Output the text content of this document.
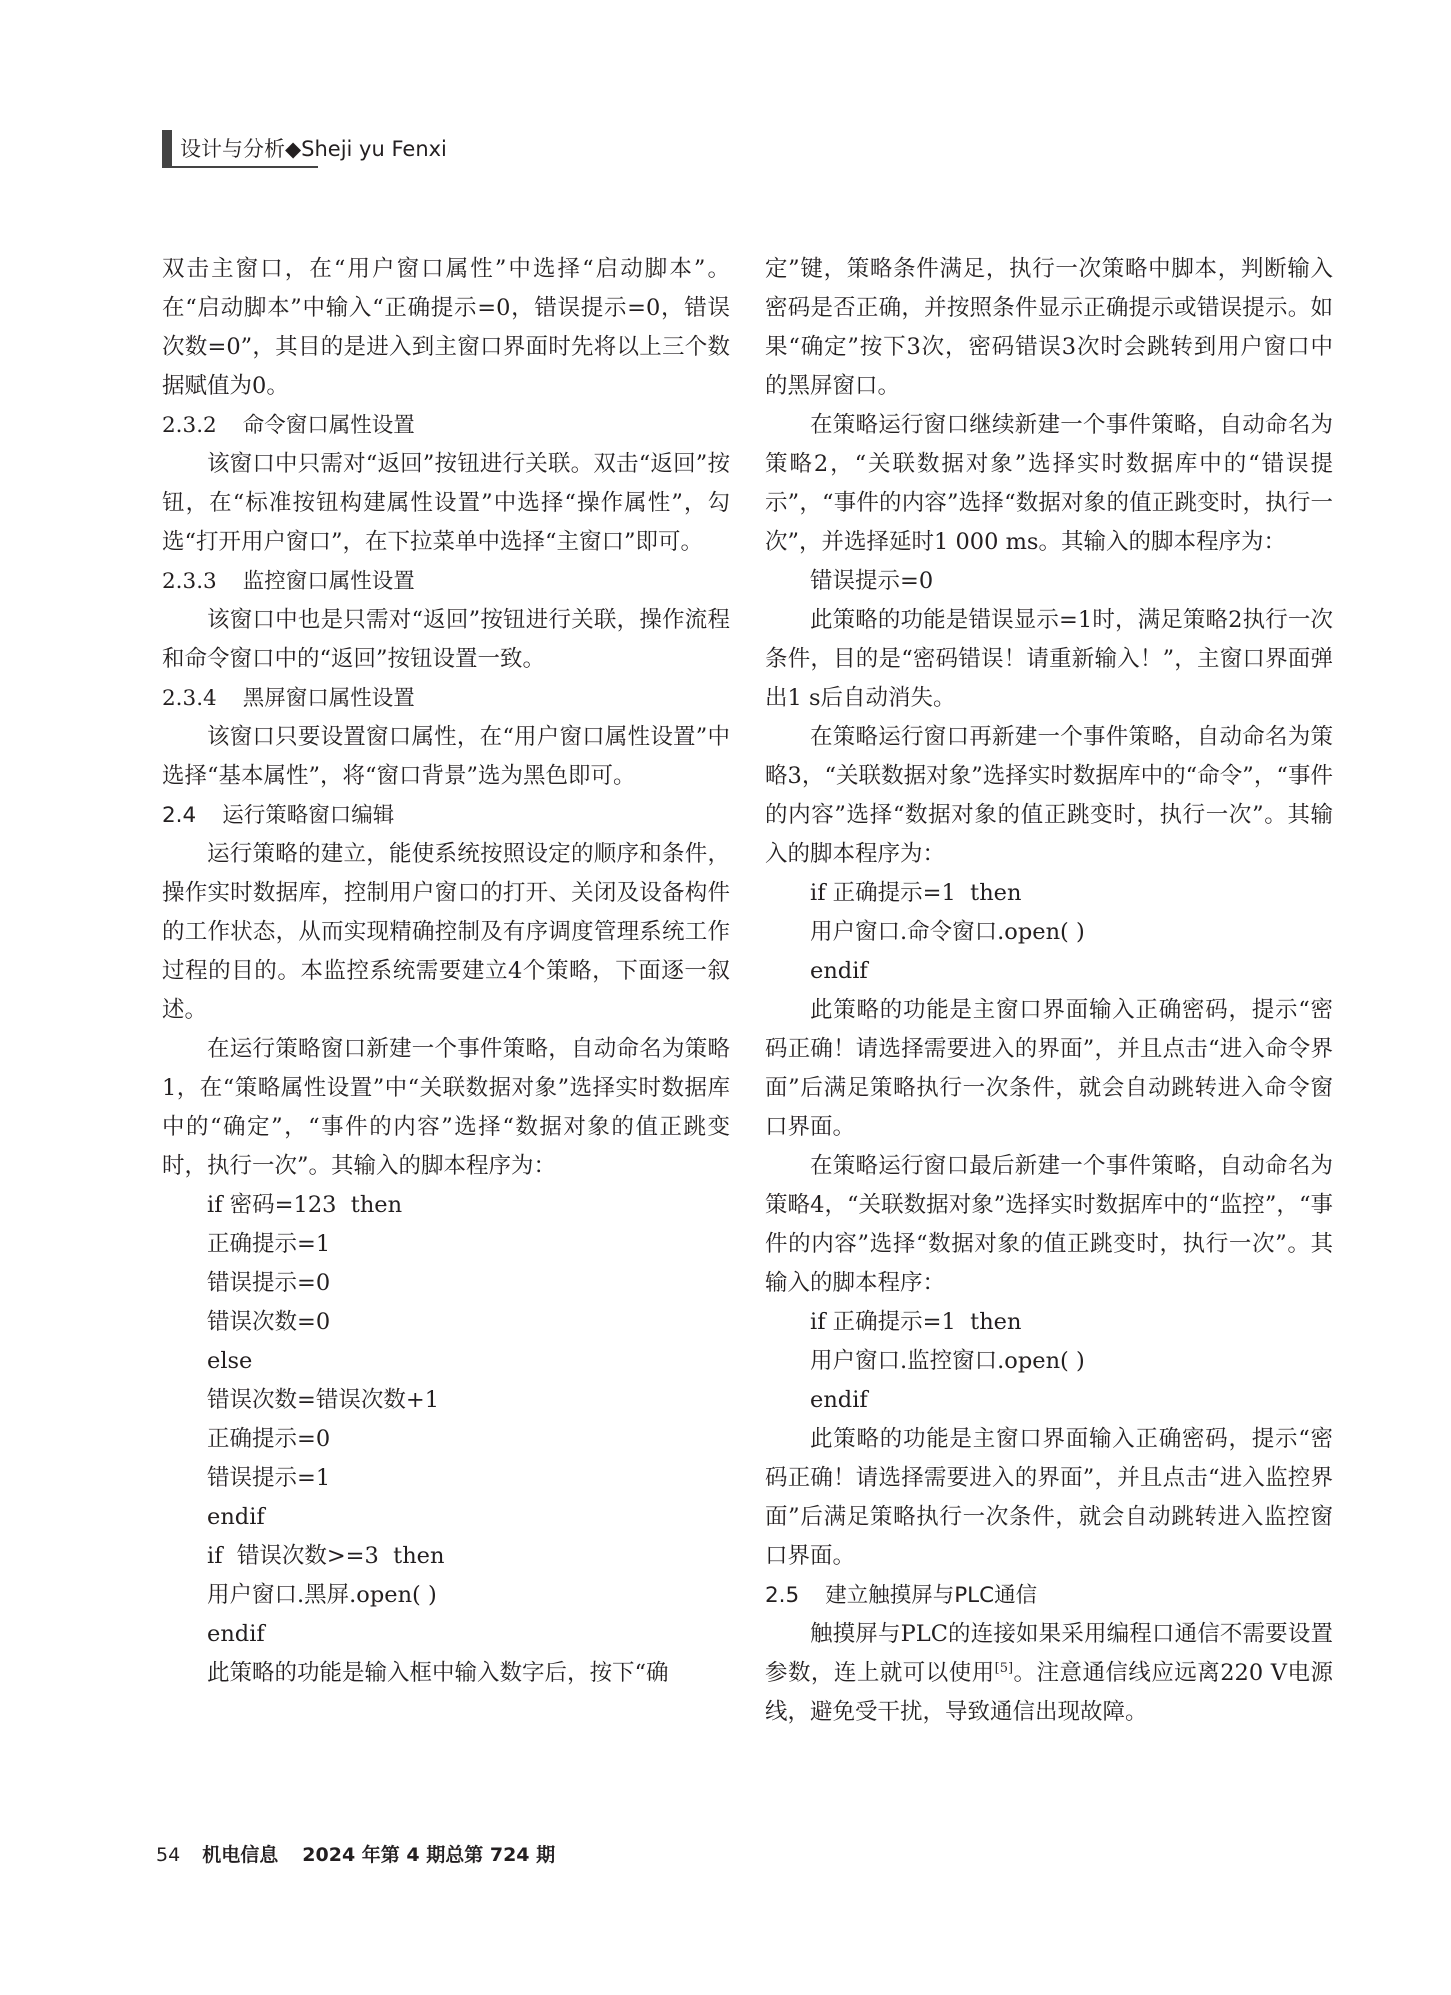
设计与分析◆Sheji yu Fenxi
双击主窗口，在“用户窗口属性”中选择“启动脚本”。在“启动脚本”中输入“正确提示=0，错误提示=0，错误次数=0”，其目的是进入到主窗口界面时先将以上三个数据赋值为0。
2.3.2 命令窗口属性设置
该窗口中只需对“返回”按钮进行关联。双击“返回”按钮，在“标准按钮构建属性设置”中选择“操作属性”，勾选“打开用户窗口”，在下拉菜单中选择“主窗口”即可。
2.3.3 监控窗口属性设置
该窗口中也是只需对“返回”按钮进行关联，操作流程和命令窗口中的“返回”按钮设置一致。
2.3.4 黑屏窗口属性设置
该窗口只要设置窗口属性，在“用户窗口属性设置”中选择“基本属性”，将“窗口背景”选为黑色即可。
2.4 运行策略窗口编辑
运行策略的建立，能使系统按照设定的顺序和条件，操作实时数据库，控制用户窗口的打开、关闭及设备构件的工作状态，从而实现精确控制及有序调度管理系统工作过程的目的。本监控系统需要建立4个策略，下面逐一叙述。
在运行策略窗口新建一个事件策略，自动命名为策略1，在“策略属性设置”中“关联数据对象”选择实时数据库中的“确定”，“事件的内容”选择“数据对象的值正跳变时，执行一次”。其输入的脚本程序为：
if 密码=123  then
正确提示=1
错误提示=0
错误次数=0
else
错误次数=错误次数+1
正确提示=0
错误提示=1
endif
if  错误次数>=3  then
用户窗口.黑屏.open( )
endif
此策略的功能是输入框中输入数字后，按下“确
定”键，策略条件满足，执行一次策略中脚本，判断输入密码是否正确，并按照条件显示正确提示或错误提示。如果“确定”按下3次，密码错误3次时会跳转到用户窗口中的黑屏窗口。
在策略运行窗口继续新建一个事件策略，自动命名为策略2，“关联数据对象”选择实时数据库中的“错误提示”，“事件的内容”选择“数据对象的值正跳变时，执行一次”，并选择延时1 000 ms。其输入的脚本程序为：
错误提示=0
此策略的功能是错误显示=1时，满足策略2执行一次条件，目的是“密码错误！请重新输入！”，主窗口界面弹出1 s后自动消失。
在策略运行窗口再新建一个事件策略，自动命名为策略3，“关联数据对象”选择实时数据库中的“命令”，“事件的内容”选择“数据对象的值正跳变时，执行一次”。其输入的脚本程序为：
if 正确提示=1  then
用户窗口.命令窗口.open( )
endif
此策略的功能是主窗口界面输入正确密码，提示“密码正确！请选择需要进入的界面”，并且点击“进入命令界面”后满足策略执行一次条件，就会自动跳转进入命令窗口界面。
在策略运行窗口最后新建一个事件策略，自动命名为策略4，“关联数据对象”选择实时数据库中的“监控”，“事件的内容”选择“数据对象的值正跳变时，执行一次”。其输入的脚本程序：
if 正确提示=1  then
用户窗口.监控窗口.open( )
endif
此策略的功能是主窗口界面输入正确密码，提示“密码正确！请选择需要进入的界面”，并且点击“进入监控界面”后满足策略执行一次条件，就会自动跳转进入监控窗口界面。
2.5 建立触摸屏与PLC通信
触摸屏与PLC的连接如果采用编程口通信不需要设置参数，连上就可以使用[5]。注意通信线应远离220 V电源线，避免受干扰，导致通信出现故障。
54 机电信息 2024 年第 4 期总第 724 期
